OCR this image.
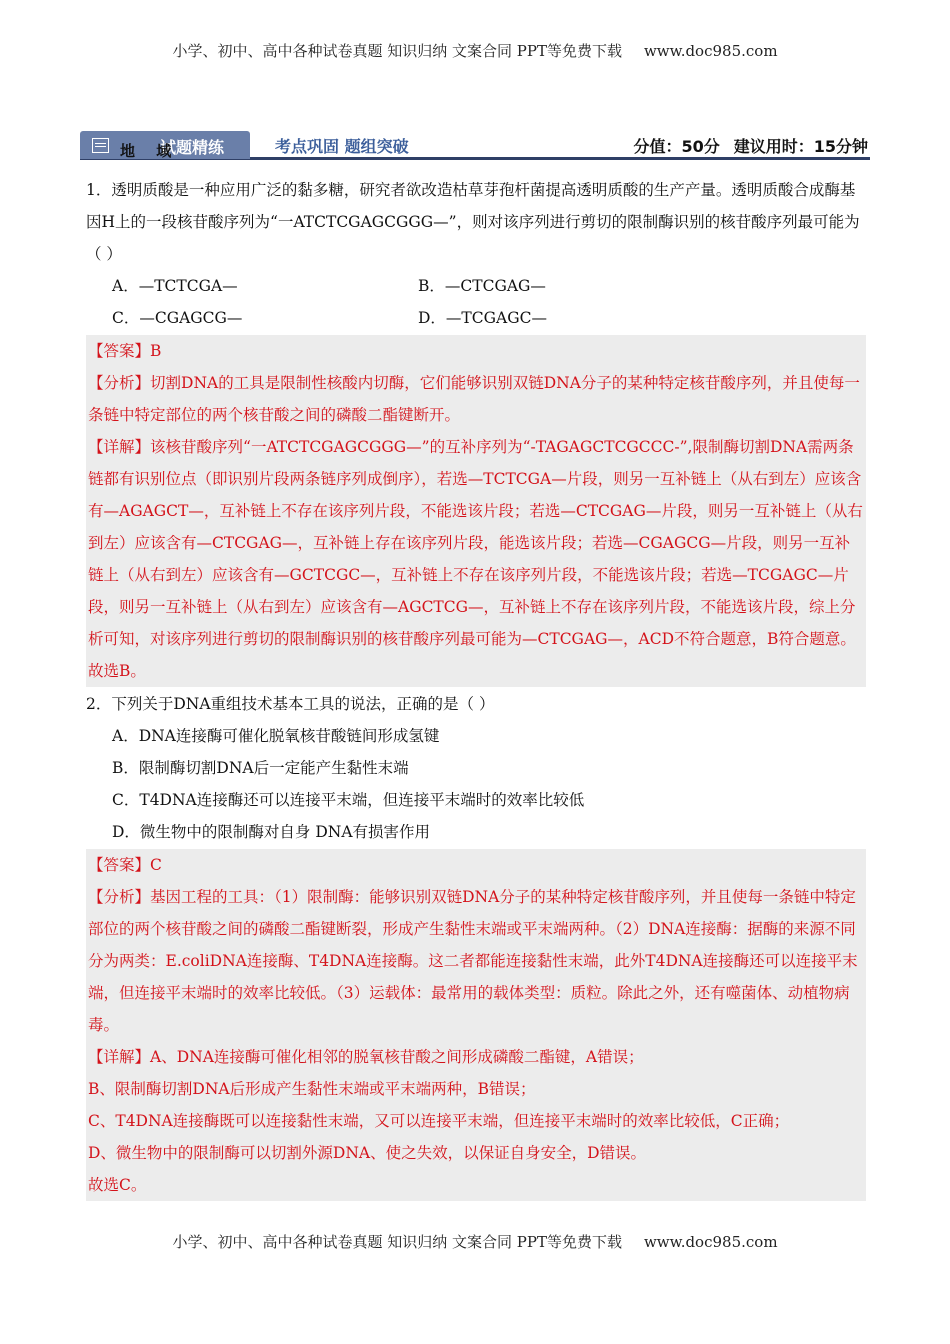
小学、初中、高中各种试卷真题 知识归纳 文案合同 PPT等免费下载 www.doc985.com
试题精练
地 域	考点巩固 题组突破	分值：50分 建议用时：15分钟

1．透明质酸是一种应用广泛的黏多糖，研究者欲改造枯草芽孢杆菌提高透明质酸的生产产量。透明质酸合成酶基因H上的一段核苷酸序列为“一ATCTCGAGCGGG—”，则对该序列进行剪切的限制酶识别的核苷酸序列最可能为（ ）

A．—TCTCGA—	B．—CTCGAG—
C．—CGAGCG—	D．—TCGAGC—

【答案】B

【分析】切割DNA的工具是限制性核酸内切酶，它们能够识别双链DNA分子的某种特定核苷酸序列，并且使每一条链中特定部位的两个核苷酸之间的磷酸二酯键断开。

【详解】该核苷酸序列“一ATCTCGAGCGGG—”的互补序列为“-TAGAGCTCGCCC-”,限制酶切割DNA需两条链都有识别位点（即识别片段两条链序列成倒序），若选—TCTCGA—片段，则另一互补链上（从右到左）应该含有—AGAGCT—，互补链上不存在该序列片段，不能选该片段；若选—CTCGAG—片段，则另一互补链上（从右到左）应该含有—CTCGAG—，互补链上存在该序列片段，能选该片段；若选—CGAGCG—片段，则另一互补链上（从右到左）应该含有—GCTCGC—，互补链上不存在该序列片段，不能选该片段；若选—TCGAGC—片段，则另一互补链上（从右到左）应该含有—AGCTCG—，互补链上不存在该序列片段，不能选该片段，综上分析可知，对该序列进行剪切的限制酶识别的核苷酸序列最可能为—CTCGAG—，ACD不符合题意，B符合题意。

故选B。

2．下列关于DNA重组技术基本工具的说法，正确的是（ ）

A．DNA连接酶可催化脱氧核苷酸链间形成氢键
B．限制酶切割DNA后一定能产生黏性末端
C．T4DNA连接酶还可以连接平末端，但连接平末端时的效率比较低
D．微生物中的限制酶对自身 DNA有损害作用

【答案】C

【分析】基因工程的工具：（1）限制酶：能够识别双链DNA分子的某种特定核苷酸序列，并且使每一条链中特定部位的两个核苷酸之间的磷酸二酯键断裂，形成产生黏性末端或平末端两种。（2）DNA连接酶：据酶的来源不同分为两类：E.coliDNA连接酶、T4DNA连接酶。这二者都能连接黏性末端，此外T4DNA连接酶还可以连接平末端，但连接平末端时的效率比较低。（3）运载体：最常用的载体类型：质粒。除此之外，还有噬菌体、动植物病毒。

【详解】A、DNA连接酶可催化相邻的脱氧核苷酸之间形成磷酸二酯键，A错误；

B、限制酶切割DNA后形成产生黏性末端或平末端两种，B错误；

C、T4DNA连接酶既可以连接黏性末端，又可以连接平末端，但连接平末端时的效率比较低，C正确；

D、微生物中的限制酶可以切割外源DNA、使之失效，以保证自身安全，D错误。

故选C。

小学、初中、高中各种试卷真题 知识归纳 文案合同 PPT等免费下载 www.doc985.com
